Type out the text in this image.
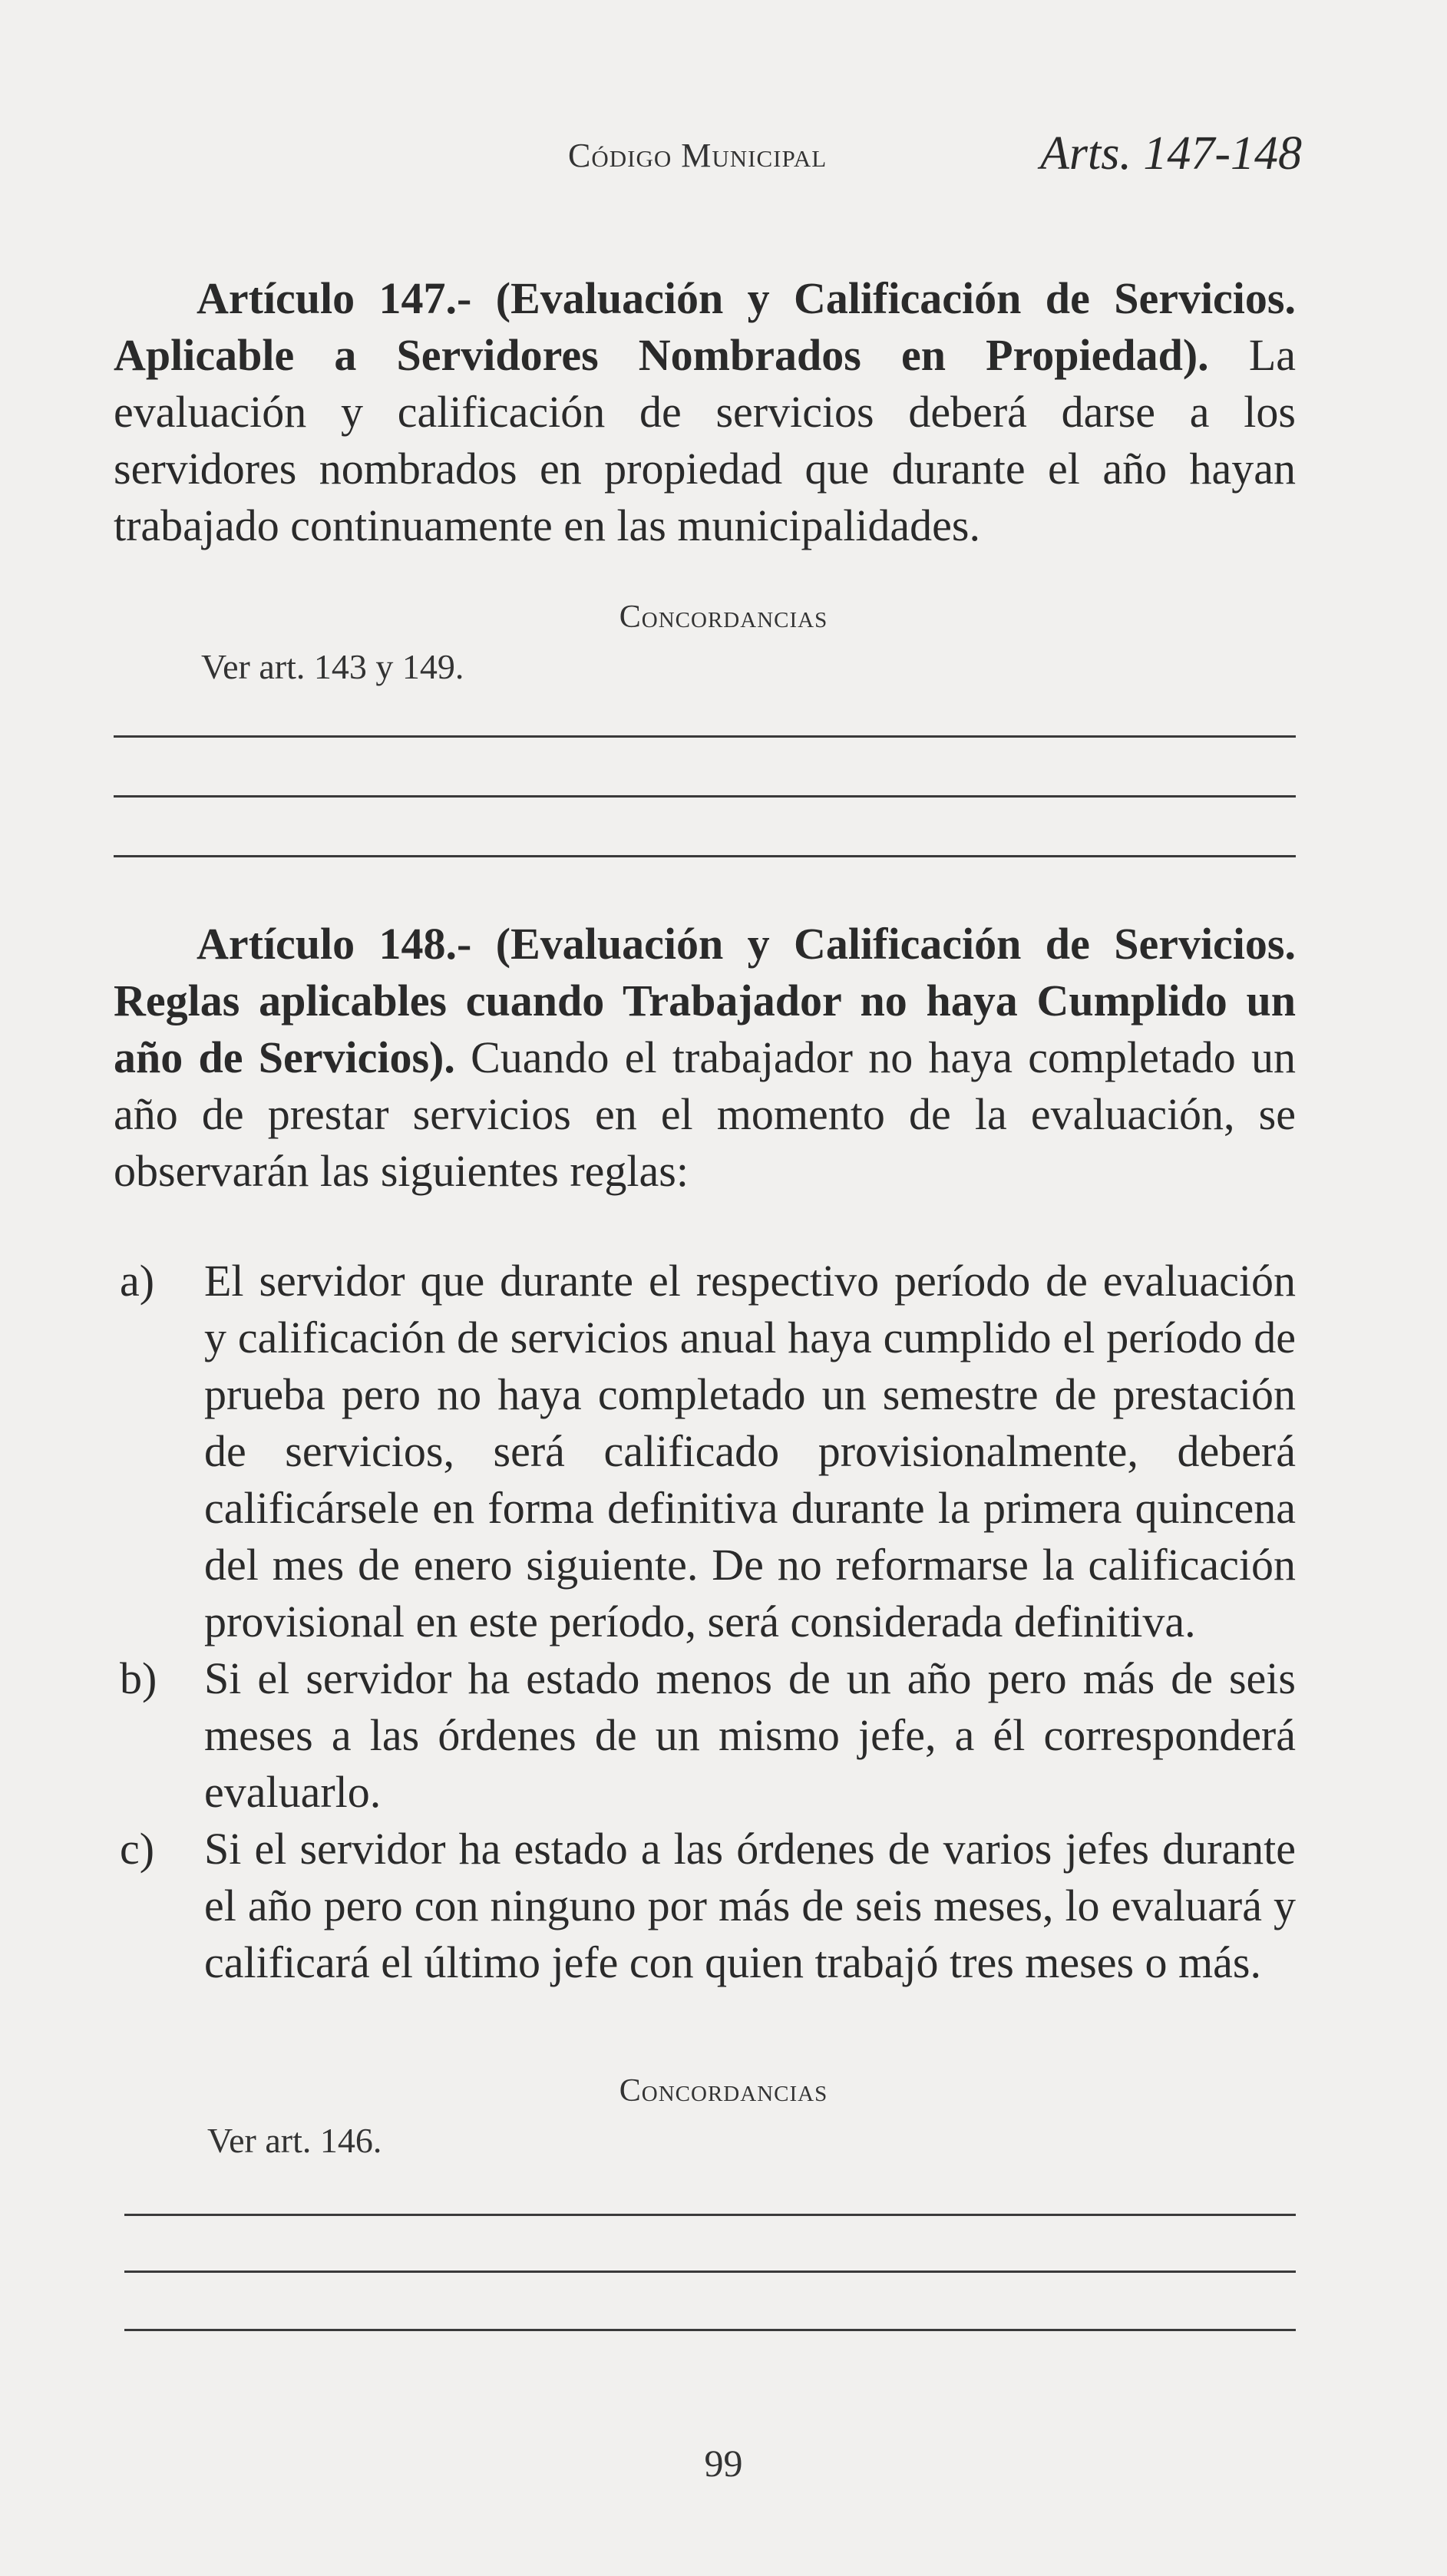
Código Municipal	Arts. 147-148

Artículo 147.- (Evaluación y Calificación de Servicios. Aplicable a Servidores Nombrados en Propiedad). La evaluación y calificación de servicios deberá darse a los servidores nombrados en propiedad que durante el año hayan trabajado continuamente en las municipalidades.

Concordancias
Ver art. 143 y 149.

Artículo 148.- (Evaluación y Calificación de Servicios. Reglas aplicables cuando Trabajador no haya Cumplido un año de Servicios). Cuando el trabajador no haya completado un año de prestar servicios en el momento de la evaluación, se observarán las siguientes reglas:

a) El servidor que durante el respectivo período de evaluación y calificación de servicios anual haya cumplido el período de prueba pero no haya completado un semestre de prestación de servicios, será calificado provisionalmente, deberá calificársele en forma definitiva durante la primera quincena del mes de enero siguiente. De no reformarse la calificación provisional en este período, será considerada definitiva.

b) Si el servidor ha estado menos de un año pero más de seis meses a las órdenes de un mismo jefe, a él corresponderá evaluarlo.

c) Si el servidor ha estado a las órdenes de varios jefes durante el año pero con ninguno por más de seis meses, lo evaluará y calificará el último jefe con quien trabajó tres meses o más.

Concordancias
Ver art. 146.
99
